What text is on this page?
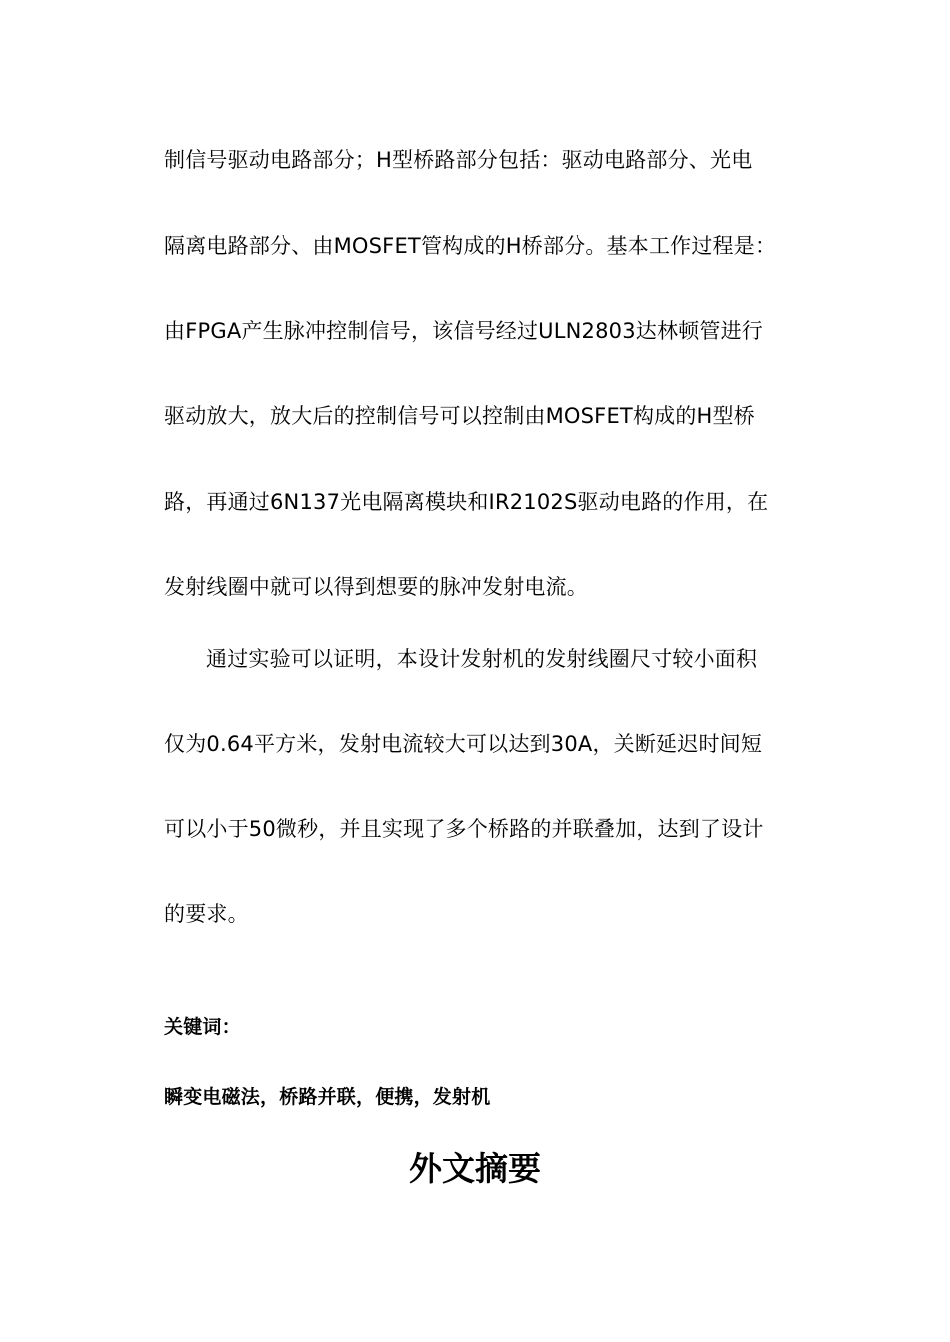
制信号驱动电路部分；H型桥路部分包括：驱动电路部分、光电
隔离电路部分、由MOSFET管构成的H桥部分。基本工作过程是：
由FPGA产生脉冲控制信号，该信号经过ULN2803达林顿管进行
驱动放大，放大后的控制信号可以控制由MOSFET构成的H型桥
路，再通过6N137光电隔离模块和IR2102S驱动电路的作用，在
发射线圈中就可以得到想要的脉冲发射电流。
通过实验可以证明，本设计发射机的发射线圈尺寸较小面积
仅为0.64平方米，发射电流较大可以达到30A，关断延迟时间短
可以小于50微秒，并且实现了多个桥路的并联叠加，达到了设计
的要求。
关键词：
瞬变电磁法，桥路并联，便携，发射机
外文摘要
